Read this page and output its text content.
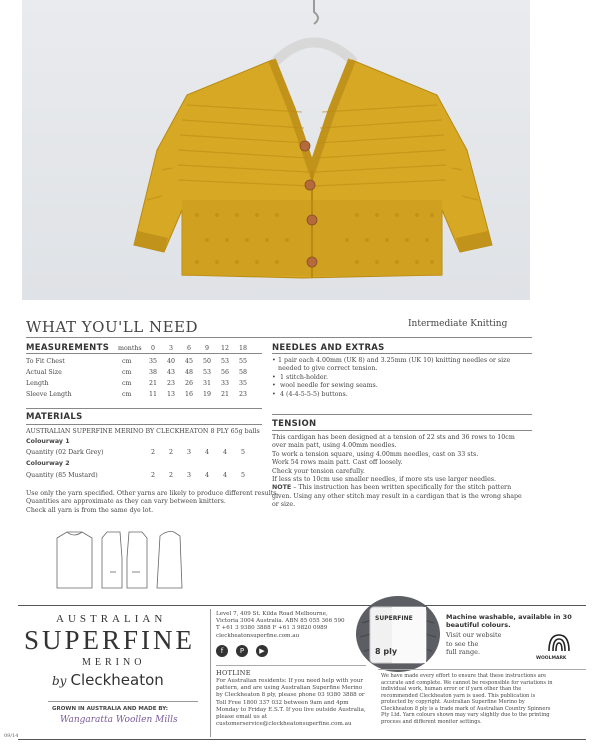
WHAT YOU'LL NEED	Intermediate Knitting
MEASUREMENTS months	0	3	6	9	12	18
To Fit Chest	cm	35	40	45	50	53	55
Actual Size	cm	38	43	48	53	56	58
Length	cm	21	23	26	31	33	35
Sleeve Length	cm	11	13	16	19	21	23
MATERIALS
AUSTRALIAN SUPERFINE MERINO BY CLECKHEATON 8 PLY 65g balls
Colourway 1
Quantity (02 Dark Grey)	2	2	3	4	4	5
Colourway 2
Quantity (85 Mustard)	2	2	3	4	4	5
Use only the yarn specified. Other yarns are likely to produce different results.
Quantities are approximate as they can vary between knitters.
Check all yarn is from the same dye lot.
NEEDLES AND EXTRAS
• 1 pair each 4.00mm (UK 8) and 3.25mm (UK 10) knitting needles or size needed to give correct tension.
• 1 stitch-holder.
• wool needle for sewing seams.
• 4 (4-4-5-5-5) buttons.
TENSION
This cardigan has been designed at a tension of 22 sts and 36 rows to 10cm over main patt, using 4.00mm needles.
To work a tension square, using 4.00mm needles, cast on 33 sts.
Work 54 rows main patt. Cast off loosely.
Check your tension carefully.
If less sts to 10cm use smaller needles, if more sts use larger needles.
NOTE – This instruction has been written specifically for the stitch pattern given. Using any other stitch may result in a cardigan that is the wrong shape or size.
AUSTRALIAN
SUPERFINE
MERINO
by Cleckheaton
GROWN IN AUSTRALIA AND MADE BY:
Wangaratta Woollen Mills
09/14
Level 7, 409 St. Kilda Road Melbourne,
Victoria 3004 Australia. ABN 85 055 366 590
T +61 3 9380 3888 F +61 3 9820 0989
cleckheatonsuperfine.com.au
f	P	▶
HOTLINE
For Australian residents: If you need help with your pattern, and are using Australian Superfine Merino by Cleckheaton 8 ply, please phone 03 9380 3888 or Toll Free 1800 337 032 between 9am and 4pm Monday to Friday E.S.T. If you live outside Australia, please email us at customerservice@cleckheatonsuperfine.com.au
SUPERFINE
8 ply
Machine washable, available in 30 beautiful colours.
Visit our website
to see the
full range.
WOOLMARK
We have made every effort to ensure that these instructions are accurate and complete. We cannot be responsible for variations in individual work, human error or if yarn other than the recommended Cleckheaton yarn is used. This publication is protected by copyright. Australian Superfine Merino by Cleckheaton 8 ply is a trade mark of Australian Country Spinners Pty Ltd. Yarn colours shown may vary slightly due to the printing process and different monitor settings.
